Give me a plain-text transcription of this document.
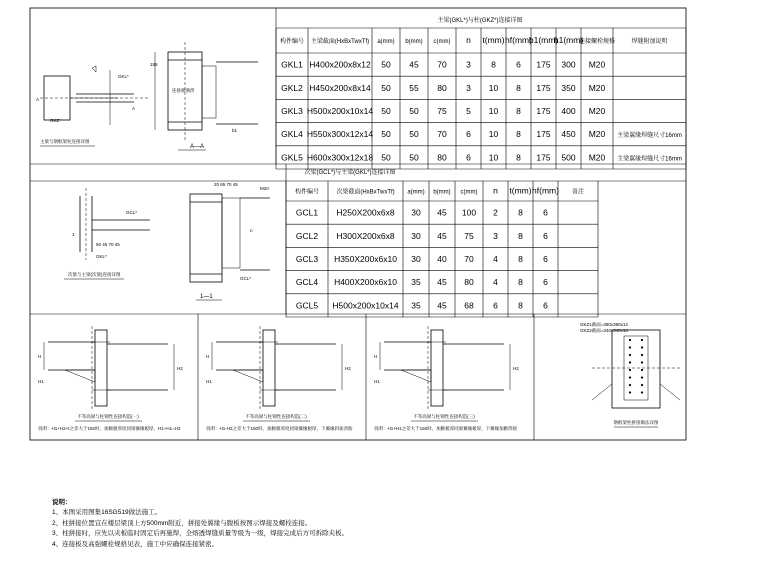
主梁(GKL*)与柱(GKZ*)连接详图
构件编号 主梁截面(HxBxTwxTf) a(mm) b(mm) c(mm) n t(mm) hf(mm)
b1(mm)
h1(mm)
连接螺栓规格	焊缝附加说明
GKL1 H400x200x8x12 50 45 70 3 8 6 175 300 M20
GKL2 H450x200x8x14 50 55 80 3 10 8 175 350 M20
GKL3 H500x200x10x14 50 50 75 5 10 8 175 400 M20
GKL4 H550x300x12x14 50 50 70 6 10 8 175 450 M20 主梁翼缘焊缝尺寸16mm
GKL5 H600x300x12x18 50 50 80 6 10 8 175 500 M20 主梁翼缘焊缝尺寸16mm
次梁(GCL*)与主梁(GKL*)连接详图
构件编号	次梁截面(HxBxTwxTf) a(mm) b(mm) c(mm) n t(mm) hf(mm) 备注
GCL1 H250X200x6x8 30 45 100 2 8 6
GCL2 H300X200x6x8 30 45 75 3 8 6
GCL3 H350X200x6x10 30 40 70 4 8 6
GCL4 H400X200x6x10 35 45 80 4 8 6
GCL5 H500x200x10x14 35 45 68 6 8 6
GKL*
GKZ*
A
A
主梁与钢框架柱连接详图
155
b1
连接板满焊
A—A
GCL*
50 45 70 45
GKL*
1
次梁与主梁(次梁)连接详图
20 65 70 45
M20
n
GCL*
1—1
H
H2
H1
不等高梁与柱钢性连接构造(一)
说明：H1+H2+t之差大于150时，加腋板厚度同梁翼缘板厚，H1+H1=H2
H
H2
H1
不等高梁与柱钢性连接构造(二)
说明：H1-H2之差大于150时，加腋板厚度同梁翼缘板厚，下翼缘斜加劲肋
H
H2
H1
不等高梁与柱钢性连接构造(三)
说明：H1+H1之差大于150时，加腋板厚同梁翼缘板厚，下翼缘加腋焊接
GKZ1截面=390x390x14
GKZ2截面=340x340x14
钢框架柱拼接做法详图
说明：
1、本图采用图集16SG519做法施工。
2、柱拼接位置宜在楼层梁顶上方500mm附近，拼接处翼缘与腹板按图示焊接及螺栓连接。
3、柱拼接时，应先以夹板临时固定后再施焊，全熔透焊缝质量等级为一级，焊接完成后方可拆除夹板。
4、连接板及高强螺栓规格见表，施工中应确保连接紧密。
